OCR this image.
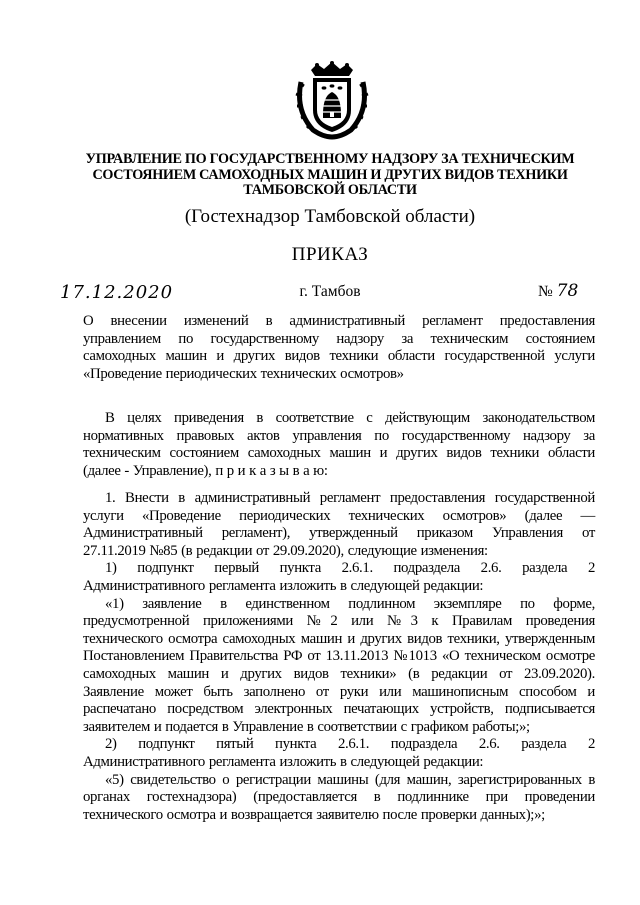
УПРАВЛЕНИЕ ПО ГОСУДАРСТВЕННОМУ НАДЗОРУ ЗА ТЕХНИЧЕСКИМ
СОСТОЯНИЕМ САМОХОДНЫХ МАШИН И ДРУГИХ ВИДОВ ТЕХНИКИ
ТАМБОВСКОЙ ОБЛАСТИ
(Гостехнадзор Тамбовской области)
ПРИКАЗ
17.12.2020	г. Тамбов	№ 78

О внесении изменений в административный регламент предоставления

управлением по государственному надзору за техническим состоянием

самоходных машин и других видов техники области государственной услуги

«Проведение периодических технических осмотров»

В целях приведения в соответствие с действующим законодательством

нормативных правовых актов управления по государственному надзору за

техническим состоянием самоходных машин и других видов техники области

(далее - Управление), п р и к а з ы в а ю:

1. Внести в административный регламент предоставления государственной

услуги «Проведение периодических технических осмотров» (далее —

Административный регламент), утвержденный приказом Управления от

27.11.2019 №85 (в редакции от 29.09.2020), следующие изменения:

1) подпункт первый пункта 2.6.1. подраздела 2.6. раздела 2

Административного регламента изложить в следующей редакции:

«1) заявление в единственном подлинном экземпляре по форме,

предусмотренной приложениями №2 или №3 к Правилам проведения

технического осмотра самоходных машин и других видов техники, утвержденным

Постановлением Правительства РФ от 13.11.2013 №1013 «О техническом осмотре

самоходных машин и других видов техники» (в редакции от 23.09.2020).

Заявление может быть заполнено от руки или машинописным способом и

распечатано посредством электронных печатающих устройств, подписывается

заявителем и подается в Управление в соответствии с графиком работы;»;

2) подпункт пятый пункта 2.6.1. подраздела 2.6. раздела 2

Административного регламента изложить в следующей редакции:

«5) свидетельство о регистрации машины (для машин, зарегистрированных в

органах гостехнадзора) (предоставляется в подлиннике при проведении

технического осмотра и возвращается заявителю после проверки данных);»;
